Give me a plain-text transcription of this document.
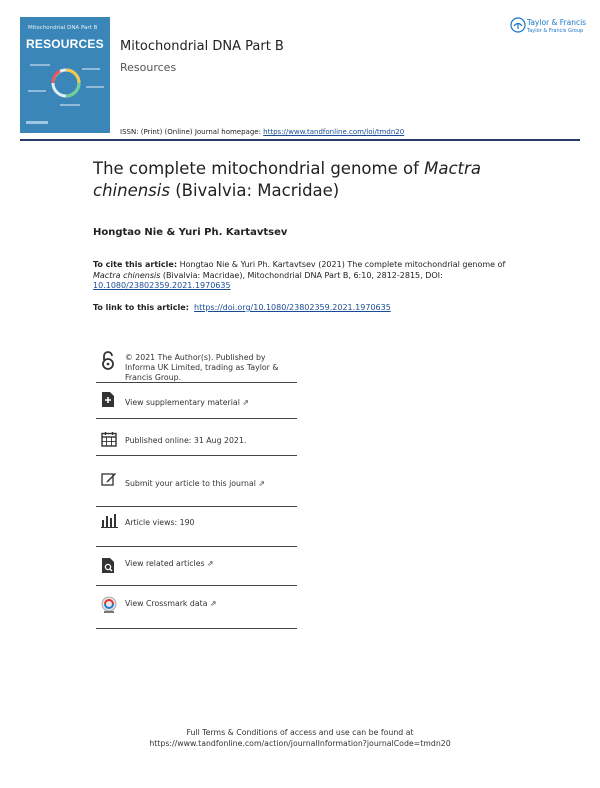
Mitochondrial DNA Part B
RESOURCES Mitochondrial DNA Part B
Resources
Taylor & Francis
Taylor & Francis Group
ISSN: (Print) (Online) Journal homepage: https://www.tandfonline.com/loi/tmdn20
The complete mitochondrial genome of Mactra chinensis (Bivalvia: Macridae)
Hongtao Nie & Yuri Ph. Kartavtsev
To cite this article: Hongtao Nie & Yuri Ph. Kartavtsev (2021) The complete mitochondrial genome of Mactra chinensis (Bivalvia: Macridae), Mitochondrial DNA Part B, 6:10, 2812-2815, DOI: 10.1080/23802359.2021.1970635
To link to this article: https://doi.org/10.1080/23802359.2021.1970635
© 2021 The Author(s). Published by Informa UK Limited, trading as Taylor & Francis Group.
View supplementary material ⇗
Published online: 31 Aug 2021.
Submit your article to this journal ⇗
Article views: 190
View related articles ⇗
View Crossmark data ⇗
Full Terms & Conditions of access and use can be found at
https://www.tandfonline.com/action/journalInformation?journalCode=tmdn20
